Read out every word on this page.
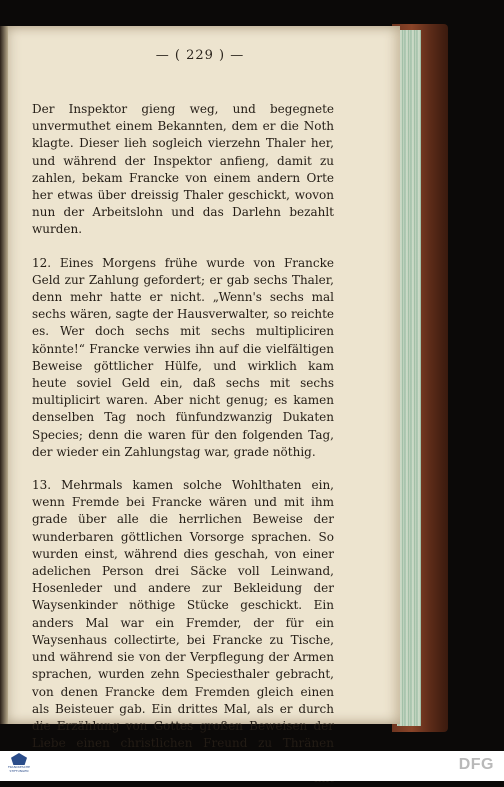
— ( 229 ) —

Der Inspektor gieng weg, und begegnete unvermuthet einem Bekannten, dem er die Noth klagte. Dieser lieh sogleich vierzehn Thaler her, und während der Inspektor anfieng, damit zu zahlen, bekam Francke von einem andern Orte her etwas über dreissig Thaler geschickt, wovon nun der Arbeitslohn und das Darlehn bezahlt wurden.

12. Eines Morgens frühe wurde von Francke Geld zur Zahlung gefordert; er gab sechs Thaler, denn mehr hatte er nicht. „Wenn's sechs mal sechs wären, sagte der Hausverwalter, so reichte es. Wer doch sechs mit sechs multipliciren könnte!“ Francke verwies ihn auf die vielfältigen Beweise göttlicher Hülfe, und wirklich kam heute soviel Geld ein, daß sechs mit sechs multiplicirt waren. Aber nicht genug; es kamen denselben Tag noch fünfundzwanzig Dukaten Species; denn die waren für den folgenden Tag, der wieder ein Zahlungstag war, grade nöthig.

13. Mehrmals kamen solche Wohlthaten ein, wenn Fremde bei Francke wären und mit ihm grade über alle die herrlichen Beweise der wunderbaren göttlichen Vorsorge sprachen. So wurden einst, während dies geschah, von einer adelichen Person drei Säcke voll Leinwand, Hosenleder und andere zur Bekleidung der Waysenkinder nöthige Stücke geschickt. Ein anders Mal war ein Fremder, der für ein Waysenhaus collectirte, bei Francke zu Tische, und während sie von der Verpflegung der Armen sprachen, wurden zehn Speciesthaler gebracht, von denen Francke dem Fremden gleich einen als Beisteuer gab. Ein drittes Mal, als er durch die Erzählung von Gottes großen Beweisen der Liebe einen christlichen Freund zu Thränen

FRANCKESCHE STIFTUNGEN	DFG
